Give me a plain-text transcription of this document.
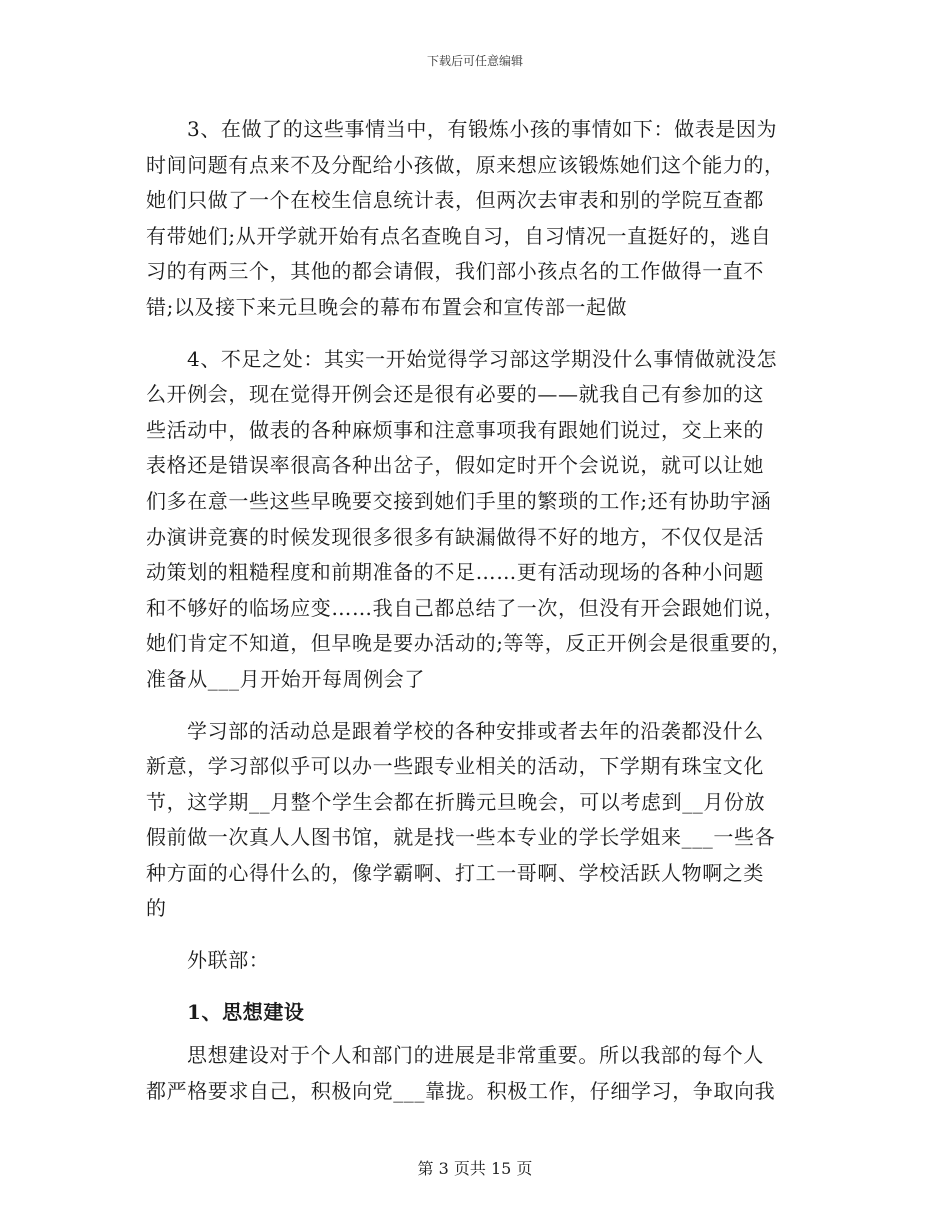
下载后可任意编辑
3、在做了的这些事情当中，有锻炼小孩的事情如下：做表是因为
时间问题有点来不及分配给小孩做，原来想应该锻炼她们这个能力的，
她们只做了一个在校生信息统计表，但两次去审表和别的学院互查都
有带她们;从开学就开始有点名查晚自习，自习情况一直挺好的，逃自
习的有两三个，其他的都会请假，我们部小孩点名的工作做得一直不
错;以及接下来元旦晚会的幕布布置会和宣传部一起做
4、不足之处：其实一开始觉得学习部这学期没什么事情做就没怎
么开例会，现在觉得开例会还是很有必要的——就我自己有参加的这
些活动中，做表的各种麻烦事和注意事项我有跟她们说过，交上来的
表格还是错误率很高各种出岔子，假如定时开个会说说，就可以让她
们多在意一些这些早晚要交接到她们手里的繁琐的工作;还有协助宇涵
办演讲竞赛的时候发现很多很多有缺漏做得不好的地方，不仅仅是活
动策划的粗糙程度和前期准备的不足……更有活动现场的各种小问题
和不够好的临场应变……我自己都总结了一次，但没有开会跟她们说，
她们肯定不知道，但早晚是要办活动的;等等，反正开例会是很重要的，
准备从___月开始开每周例会了
学习部的活动总是跟着学校的各种安排或者去年的沿袭都没什么
新意，学习部似乎可以办一些跟专业相关的活动，下学期有珠宝文化
节，这学期__月整个学生会都在折腾元旦晚会，可以考虑到__月份放
假前做一次真人人图书馆，就是找一些本专业的学长学姐来___一些各
种方面的心得什么的，像学霸啊、打工一哥啊、学校活跃人物啊之类
的
外联部：
1、思想建设
思想建设对于个人和部门的进展是非常重要。所以我部的每个人
都严格要求自己，积极向党___靠拢。积极工作，仔细学习，争取向我
第 3 页共 15 页
